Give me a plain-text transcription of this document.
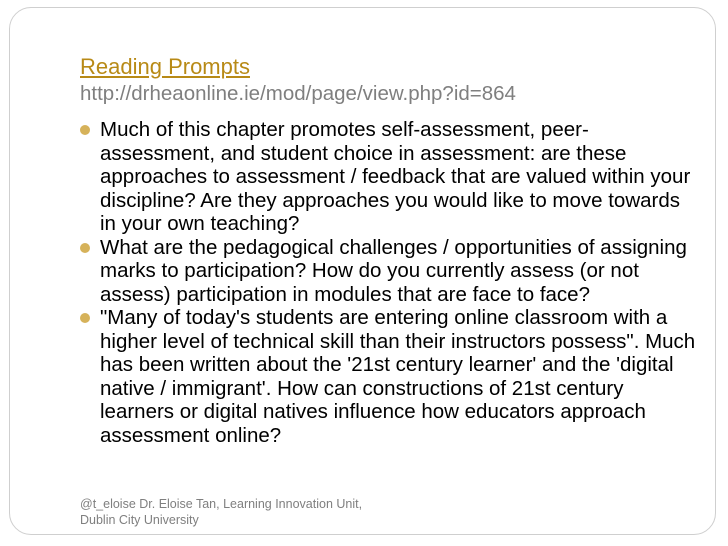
Reading Prompts
http://drheaonline.ie/mod/page/view.php?id=864
Much of this chapter promotes self-assessment, peer-assessment, and student choice in assessment: are these approaches to assessment / feedback that are valued within your discipline? Are they approaches you would like to move towards in your own teaching?
What are the pedagogical challenges / opportunities of assigning marks to participation? How do you currently assess (or not assess) participation in modules that are face to face?
"Many of today's students are entering online classroom with a higher level of technical skill than their instructors possess". Much has been written about the '21st century learner' and the 'digital native / immigrant'. How can constructions of 21st century learners or digital natives influence how educators approach assessment online?
@t_eloise Dr. Eloise Tan, Learning Innovation Unit, Dublin City University
